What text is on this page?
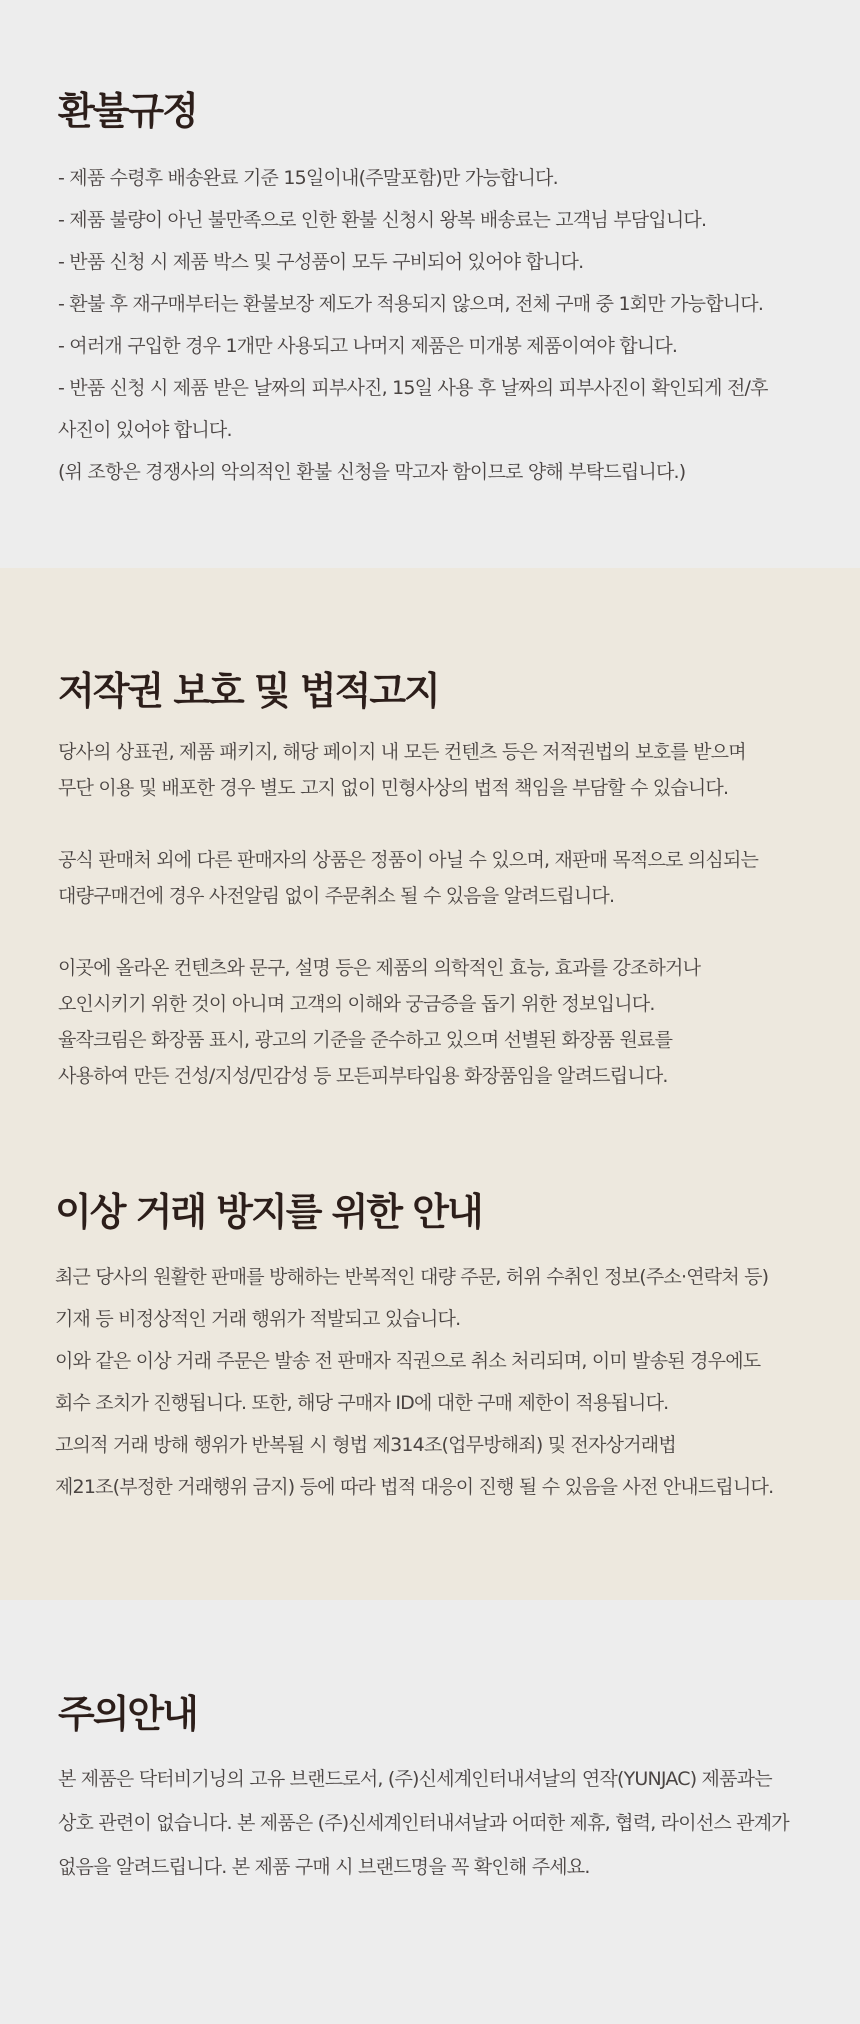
환불규정
- 제품 수령후 배송완료 기준 15일이내(주말포함)만 가능합니다.
- 제품 불량이 아닌 불만족으로 인한 환불 신청시 왕복 배송료는 고객님 부담입니다.
- 반품 신청 시 제품 박스 및 구성품이 모두 구비되어 있어야 합니다.
- 환불 후 재구매부터는 환불보장 제도가 적용되지 않으며, 전체 구매 중 1회만 가능합니다.
- 여러개 구입한 경우 1개만 사용되고 나머지 제품은 미개봉 제품이여야 합니다.
- 반품 신청 시 제품 받은 날짜의 피부사진, 15일 사용 후 날짜의 피부사진이 확인되게 전/후
사진이 있어야 합니다.
(위 조항은 경쟁사의 악의적인 환불 신청을 막고자 함이므로 양해 부탁드립니다.)
저작권 보호 및 법적고지
당사의 상표권, 제품 패키지, 해당 페이지 내 모든 컨텐츠 등은 저적권법의 보호를 받으며
무단 이용 및 배포한 경우 별도 고지 없이 민형사상의 법적 책임을 부담할 수 있습니다.
공식 판매처 외에 다른 판매자의 상품은 정품이 아닐 수 있으며, 재판매 목적으로 의심되는
대량구매건에 경우 사전알림 없이 주문취소 될 수 있음을 알려드립니다.
이곳에 올라온 컨텐츠와 문구, 설명 등은 제품의 의학적인 효능, 효과를 강조하거나
오인시키기 위한 것이 아니며 고객의 이해와 궁금증을 돕기 위한 정보입니다.
율작크림은 화장품 표시, 광고의 기준을 준수하고 있으며 선별된 화장품 원료를
사용하여 만든 건성/지성/민감성 등 모든피부타입용 화장품임을 알려드립니다.
이상 거래 방지를 위한 안내
최근 당사의 원활한 판매를 방해하는 반복적인 대량 주문, 허위 수취인 정보(주소·연락처 등)
기재 등 비정상적인 거래 행위가 적발되고 있습니다.
이와 같은 이상 거래 주문은 발송 전 판매자 직권으로 취소 처리되며, 이미 발송된 경우에도
회수 조치가 진행됩니다. 또한, 해당 구매자 ID에 대한 구매 제한이 적용됩니다.
고의적 거래 방해 행위가 반복될 시 형법 제314조(업무방해죄) 및 전자상거래법
제21조(부정한 거래행위 금지) 등에 따라 법적 대응이 진행 될 수 있음을 사전 안내드립니다.
주의안내
본 제품은 닥터비기닝의 고유 브랜드로서, (주)신세계인터내셔날의 연작(YUNJAC) 제품과는
상호 관련이 없습니다. 본 제품은 (주)신세계인터내셔날과 어떠한 제휴, 협력, 라이선스 관계가
없음을 알려드립니다. 본 제품 구매 시 브랜드명을 꼭 확인해 주세요.
